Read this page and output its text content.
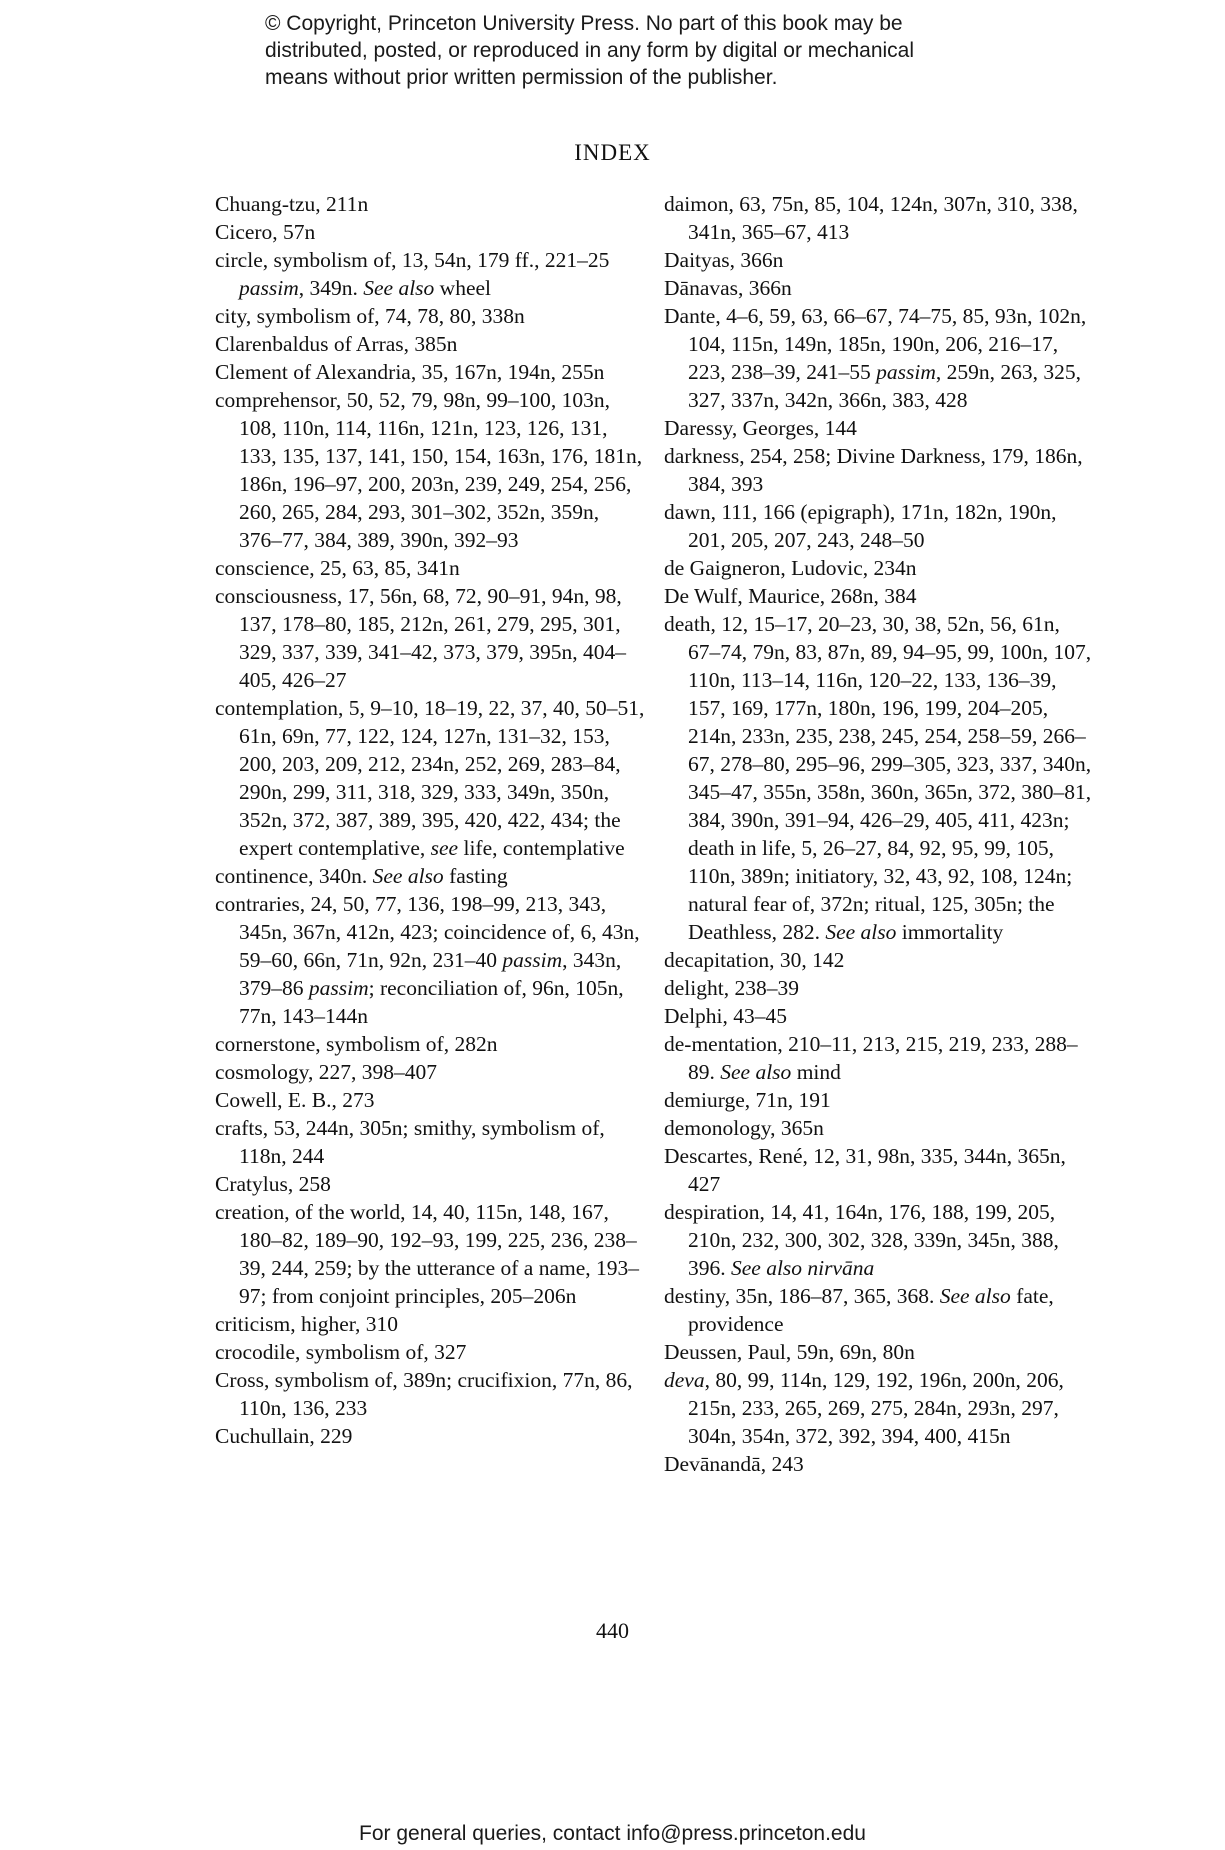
© Copyright, Princeton University Press. No part of this book may be

distributed, posted, or reproduced in any form by digital or mechanical

means without prior written permission of the publisher.

INDEX

Chuang-tzu, 211n

Cicero, 57n

circle, symbolism of, 13, 54n, 179 ff., 221–25 passim, 349n. See also wheel

city, symbolism of, 74, 78, 80, 338n

Clarenbaldus of Arras, 385n

Clement of Alexandria, 35, 167n, 194n, 255n

comprehensor, 50, 52, 79, 98n, 99–100, 103n, 108, 110n, 114, 116n, 121n, 123, 126, 131, 133, 135, 137, 141, 150, 154, 163n, 176, 181n, 186n, 196–97, 200, 203n, 239, 249, 254, 256, 260, 265, 284, 293, 301–302, 352n, 359n, 376–77, 384, 389, 390n, 392–93

conscience, 25, 63, 85, 341n

consciousness, 17, 56n, 68, 72, 90–91, 94n, 98, 137, 178–80, 185, 212n, 261, 279, 295, 301, 329, 337, 339, 341–42, 373, 379, 395n, 404–405, 426–27

contemplation, 5, 9–10, 18–19, 22, 37, 40, 50–51, 61n, 69n, 77, 122, 124, 127n, 131–32, 153, 200, 203, 209, 212, 234n, 252, 269, 283–84, 290n, 299, 311, 318, 329, 333, 349n, 350n, 352n, 372, 387, 389, 395, 420, 422, 434; the expert contemplative, see life, contemplative

continence, 340n. See also fasting

contraries, 24, 50, 77, 136, 198–99, 213, 343, 345n, 367n, 412n, 423; coincidence of, 6, 43n, 59–60, 66n, 71n, 92n, 231–40 passim, 343n, 379–86 passim; reconciliation of, 96n, 105n, 77n, 143–144n

cornerstone, symbolism of, 282n

cosmology, 227, 398–407

Cowell, E. B., 273

crafts, 53, 244n, 305n; smithy, symbolism of, 118n, 244

Cratylus, 258

creation, of the world, 14, 40, 115n, 148, 167, 180–82, 189–90, 192–93, 199, 225, 236, 238–39, 244, 259; by the utterance of a name, 193–97; from conjoint principles, 205–206n

criticism, higher, 310

crocodile, symbolism of, 327

Cross, symbolism of, 389n; crucifixion, 77n, 86, 110n, 136, 233

Cuchullain, 229

daimon, 63, 75n, 85, 104, 124n, 307n, 310, 338, 341n, 365–67, 413

Daityas, 366n

Dānavas, 366n

Dante, 4–6, 59, 63, 66–67, 74–75, 85, 93n, 102n, 104, 115n, 149n, 185n, 190n, 206, 216–17, 223, 238–39, 241–55 passim, 259n, 263, 325, 327, 337n, 342n, 366n, 383, 428

Daressy, Georges, 144

darkness, 254, 258; Divine Darkness, 179, 186n, 384, 393

dawn, 111, 166 (epigraph), 171n, 182n, 190n, 201, 205, 207, 243, 248–50

de Gaigneron, Ludovic, 234n

De Wulf, Maurice, 268n, 384

death, 12, 15–17, 20–23, 30, 38, 52n, 56, 61n, 67–74, 79n, 83, 87n, 89, 94–95, 99, 100n, 107, 110n, 113–14, 116n, 120–22, 133, 136–39, 157, 169, 177n, 180n, 196, 199, 204–205, 214n, 233n, 235, 238, 245, 254, 258–59, 266–67, 278–80, 295–96, 299–305, 323, 337, 340n, 345–47, 355n, 358n, 360n, 365n, 372, 380–81, 384, 390n, 391–94, 426–29, 405, 411, 423n; death in life, 5, 26–27, 84, 92, 95, 99, 105, 110n, 389n; initiatory, 32, 43, 92, 108, 124n; natural fear of, 372n; ritual, 125, 305n; the Deathless, 282. See also immortality

decapitation, 30, 142

delight, 238–39

Delphi, 43–45

de-mentation, 210–11, 213, 215, 219, 233, 288–89. See also mind

demiurge, 71n, 191

demonology, 365n

Descartes, René, 12, 31, 98n, 335, 344n, 365n, 427

despiration, 14, 41, 164n, 176, 188, 199, 205, 210n, 232, 300, 302, 328, 339n, 345n, 388, 396. See also nirvāna

destiny, 35n, 186–87, 365, 368. See also fate, providence

Deussen, Paul, 59n, 69n, 80n

deva, 80, 99, 114n, 129, 192, 196n, 200n, 206, 215n, 233, 265, 269, 275, 284n, 293n, 297, 304n, 354n, 372, 392, 394, 400, 415n

Devānandā, 243

440
For general queries, contact info@press.princeton.edu
